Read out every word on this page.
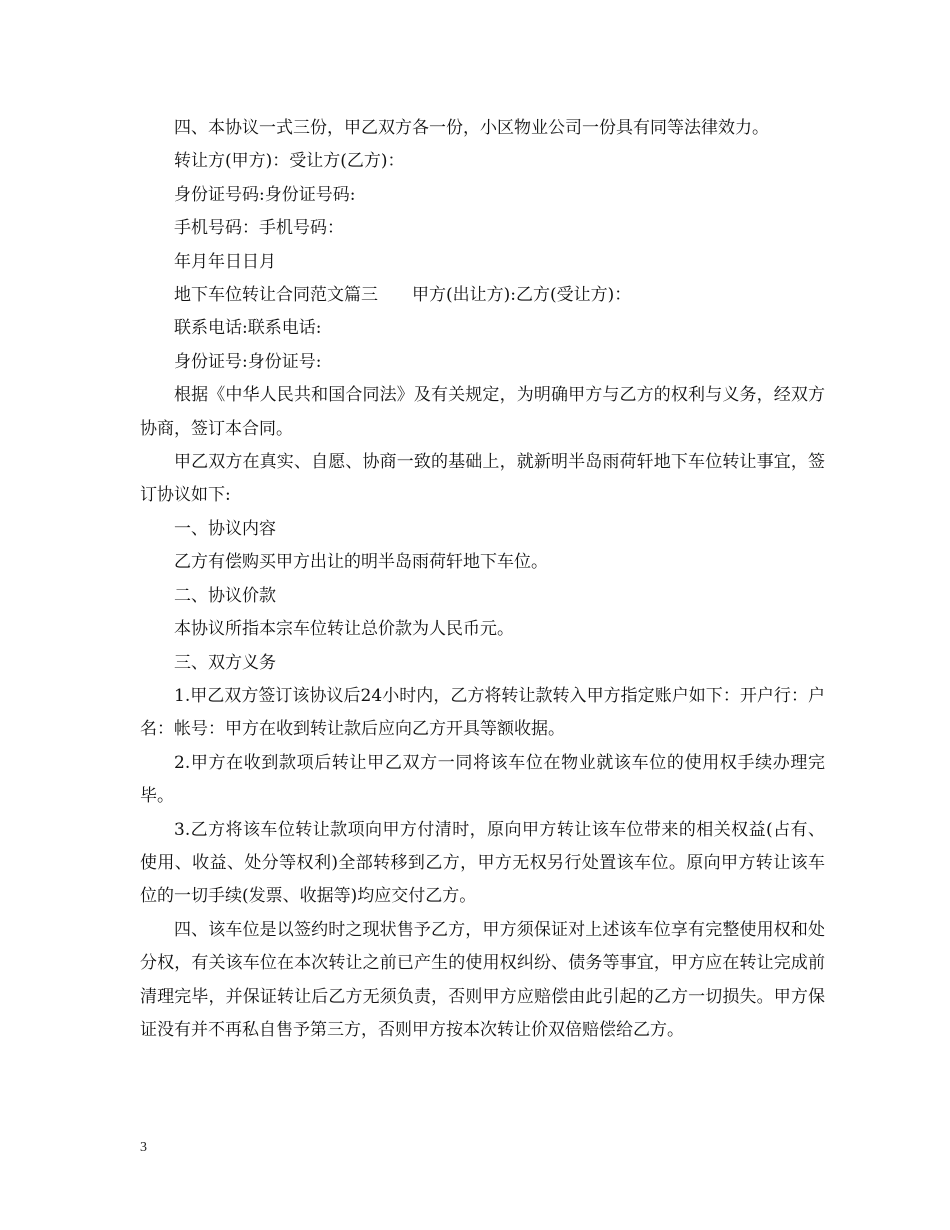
四、本协议一式三份，甲乙双方各一份，小区物业公司一份具有同等法律效力。

转让方(甲方)：受让方(乙方)：

身份证号码:身份证号码:

手机号码：手机号码：

年月年日日月

地下车位转让合同范文篇三　　甲方(出让方):乙方(受让方)：

联系电话:联系电话:

身份证号:身份证号:

根据《中华人民共和国合同法》及有关规定，为明确甲方与乙方的权利与义务，经双方协商，签订本合同。

甲乙双方在真实、自愿、协商一致的基础上，就新明半岛雨荷轩地下车位转让事宜，签订协议如下:

一、协议内容

乙方有偿购买甲方出让的明半岛雨荷轩地下车位。

二、协议价款

本协议所指本宗车位转让总价款为人民币元。

三、双方义务

1.甲乙双方签订该协议后24小时内，乙方将转让款转入甲方指定账户如下：开户行：户名：帐号：甲方在收到转让款后应向乙方开具等额收据。

2.甲方在收到款项后转让甲乙双方一同将该车位在物业就该车位的使用权手续办理完毕。

3.乙方将该车位转让款项向甲方付清时，原向甲方转让该车位带来的相关权益(占有、使用、收益、处分等权利)全部转移到乙方，甲方无权另行处置该车位。原向甲方转让该车位的一切手续(发票、收据等)均应交付乙方。

四、该车位是以签约时之现状售予乙方，甲方须保证对上述该车位享有完整使用权和处分权，有关该车位在本次转让之前已产生的使用权纠纷、债务等事宜，甲方应在转让完成前清理完毕，并保证转让后乙方无须负责，否则甲方应赔偿由此引起的乙方一切损失。甲方保证没有并不再私自售予第三方，否则甲方按本次转让价双倍赔偿给乙方。

3
